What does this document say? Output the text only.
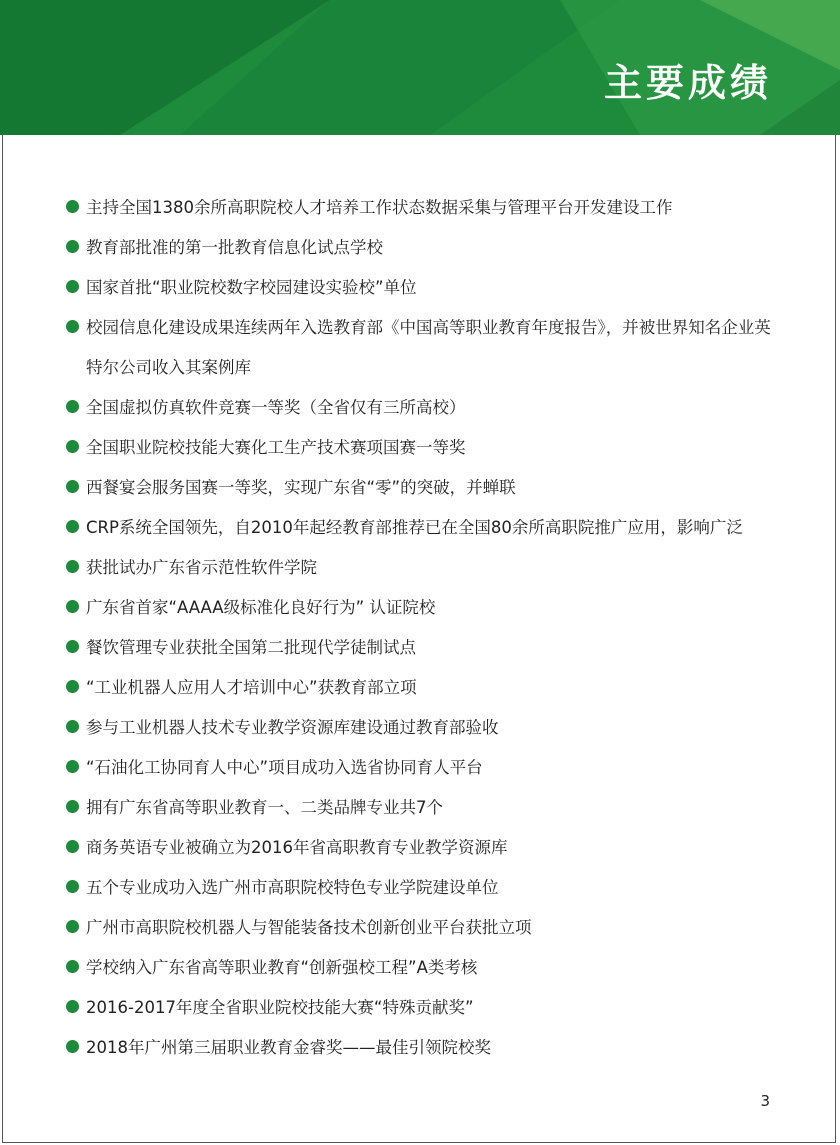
主要成绩
主持全国1380余所高职院校人才培养工作状态数据采集与管理平台开发建设工作
教育部批准的第一批教育信息化试点学校
国家首批“职业院校数字校园建设实验校”单位
校园信息化建设成果连续两年入选教育部《中国高等职业教育年度报告》，并被世界知名企业英
特尔公司收入其案例库
全国虚拟仿真软件竞赛一等奖（全省仅有三所高校）
全国职业院校技能大赛化工生产技术赛项国赛一等奖
西餐宴会服务国赛一等奖，实现广东省“零”的突破，并蝉联
CRP系统全国领先，自2010年起经教育部推荐已在全国80余所高职院推广应用，影响广泛
获批试办广东省示范性软件学院
广东省首家“AAAA级标准化良好行为” 认证院校
餐饮管理专业获批全国第二批现代学徒制试点
“工业机器人应用人才培训中心”获教育部立项
参与工业机器人技术专业教学资源库建设通过教育部验收
“石油化工协同育人中心”项目成功入选省协同育人平台
拥有广东省高等职业教育一、二类品牌专业共7个
商务英语专业被确立为2016年省高职教育专业教学资源库
五个专业成功入选广州市高职院校特色专业学院建设单位
广州市高职院校机器人与智能装备技术创新创业平台获批立项
学校纳入广东省高等职业教育“创新强校工程”A类考核
2016-2017年度全省职业院校技能大赛“特殊贡献奖”
2018年广州第三届职业教育金睿奖——最佳引领院校奖
3
